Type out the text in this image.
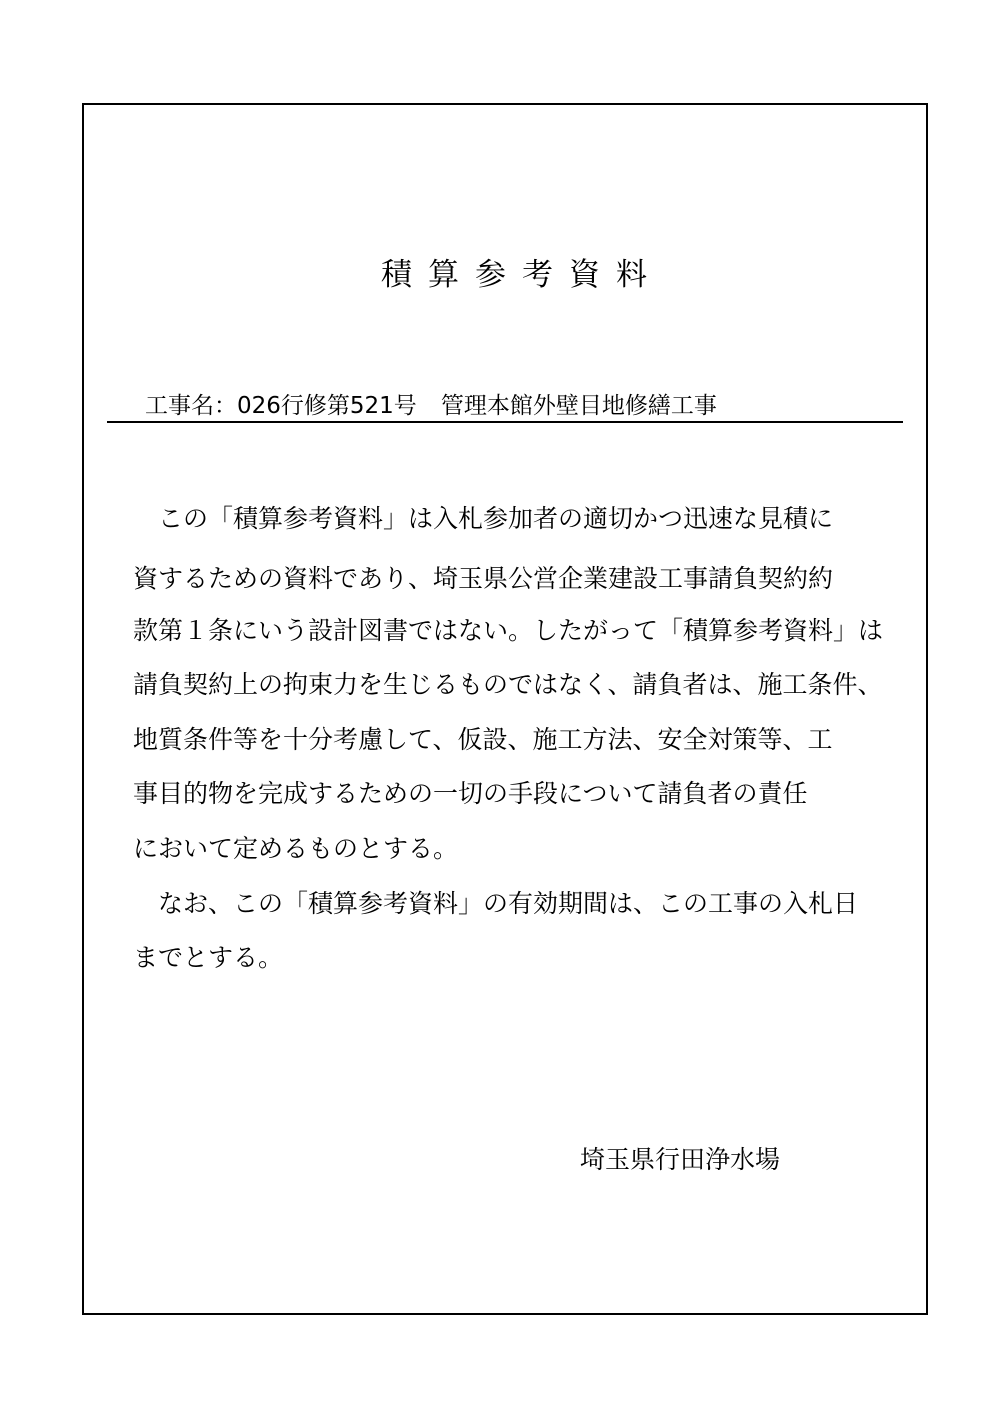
積算参考資料
工事名：026行修第521号 管理本館外壁目地修繕工事
　この「積算参考資料」は入札参加者の適切かつ迅速な見積に
資するための資料であり、埼玉県公営企業建設工事請負契約約
款第１条にいう設計図書ではない。したがって「積算参考資料」は
請負契約上の拘束力を生じるものではなく、請負者は、施工条件、
地質条件等を十分考慮して、仮設、施工方法、安全対策等、工
事目的物を完成するための一切の手段について請負者の責任
において定めるものとする。
　なお、この「積算参考資料」の有効期間は、この工事の入札日
までとする。
埼玉県行田浄水場
